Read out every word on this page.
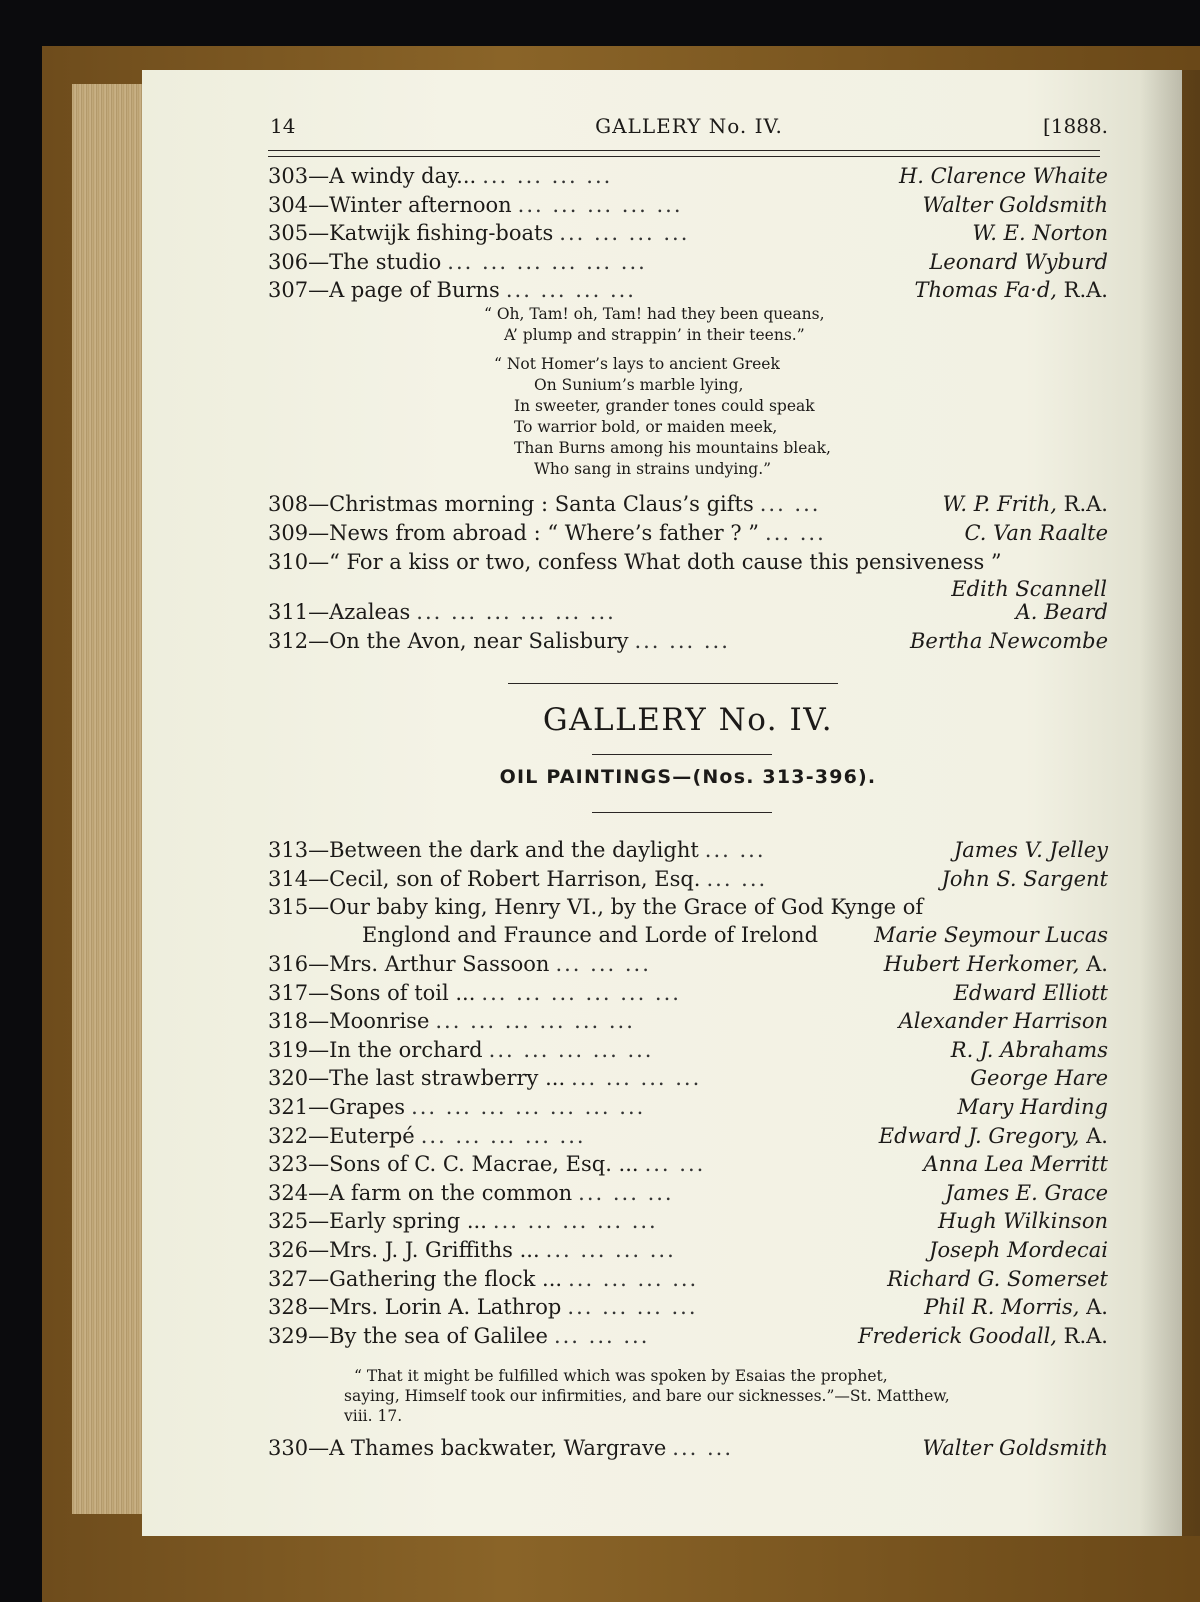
14	GALLERY No. IV.	[1888.
303— A windy day... ... ... ... ...	H. Clarence Whaite
304— Winter afternoon ... ... ... ... ...	Walter Goldsmith
305— Katwijk fishing-boats ... ... ... ...	W. E. Norton
306— The studio ... ... ... ... ... ...	Leonard Wyburd
307— A page of Burns ... ... ... ...	Thomas Fa·d, R.A.
“ Oh, Tam! oh, Tam! had they been queans,
A’ plump and strappin’ in their teens.”
“ Not Homer’s lays to ancient Greek
On Sunium’s marble lying,
In sweeter, grander tones could speak
To warrior bold, or maiden meek,
Than Burns among his mountains bleak,
Who sang in strains undying.”
308— Christmas morning : Santa Claus’s gifts ... ...	W. P. Frith, R.A.
309— News from abroad : “ Where’s father ? ” ... ...	C. Van Raalte
310—“ For a kiss or two, confess What doth cause this pensiveness ”
Edith Scannell
311— Azaleas ... ... ... ... ... ...	A. Beard
312— On the Avon, near Salisbury ... ... ...	Bertha Newcombe
GALLERY No. IV.
OIL PAINTINGS—(Nos. 313-396).
313— Between the dark and the daylight ... ...	James V. Jelley
314— Cecil, son of Robert Harrison, Esq. ... ...	John S. Sargent
315—Our baby king, Henry VI., by the Grace of God Kynge of
Englond and Fraunce and Lorde of Irelond	Marie Seymour Lucas
316— Mrs. Arthur Sassoon ... ... ...	Hubert Herkomer, A.
317— Sons of toil ... ... ... ... ... ... ...	Edward Elliott
318— Moonrise ... ... ... ... ... ...	Alexander Harrison
319— In the orchard ... ... ... ... ...	R. J. Abrahams
320— The last strawberry ... ... ... ... ...	George Hare
321— Grapes ... ... ... ... ... ... ...	Mary Harding
322— Euterpé ... ... ... ... ...	Edward J. Gregory, A.
323— Sons of C. C. Macrae, Esq. ... ... ...	Anna Lea Merritt
324— A farm on the common ... ... ...	James E. Grace
325— Early spring ... ... ... ... ... ...	Hugh Wilkinson
326— Mrs. J. J. Griffiths ... ... ... ... ...	Joseph Mordecai
327— Gathering the flock ... ... ... ... ...	Richard G. Somerset
328— Mrs. Lorin A. Lathrop ... ... ... ...	Phil R. Morris, A.
329— By the sea of Galilee ... ... ...	Frederick Goodall, R.A.
“ That it might be fulfilled which was spoken by Esaias the prophet,
saying, Himself took our infirmities, and bare our sicknesses.”—St. Matthew,
viii. 17.
330— A Thames backwater, Wargrave ... ...	Walter Goldsmith
